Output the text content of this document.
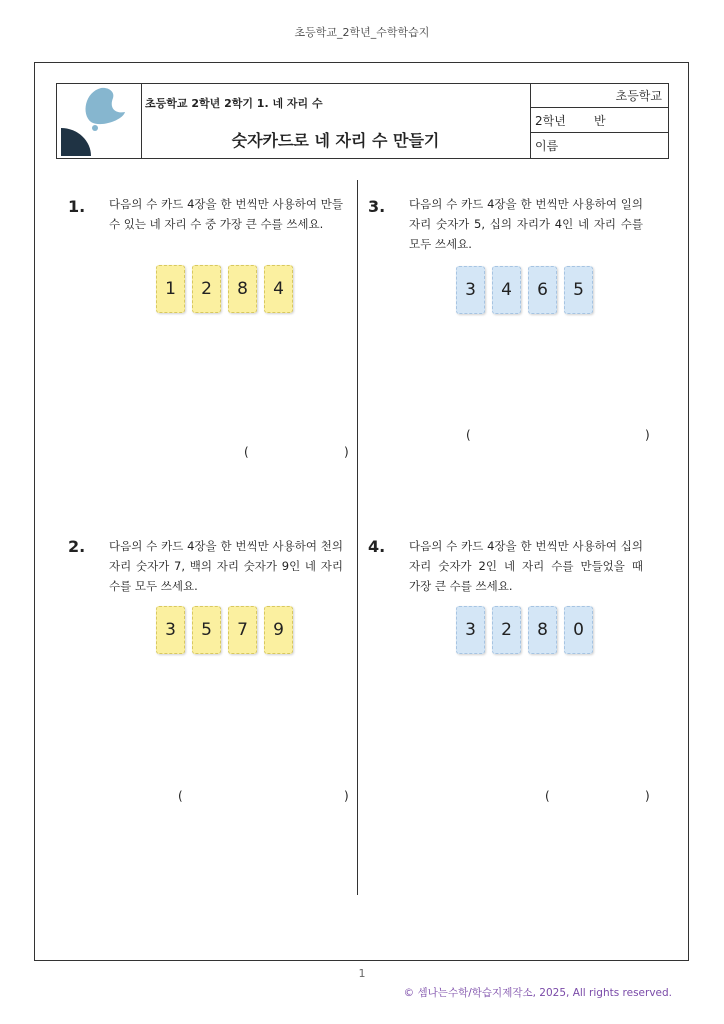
초등학교_2학년_수학학습지
초등학교 2학년 2학기 1. 네 자리 수
숫자카드로 네 자리 수 만들기
초등학교
2학년 반
이름
1. 다음의 수 카드 4장을 한 번씩만 사용하여 만들 수 있는 네 자리 수 중 가장 큰 수를 쓰세요.
1	2	8	4
(	)
2. 다음의 수 카드 4장을 한 번씩만 사용하여 천의 자리 숫자가 7, 백의 자리 숫자가 9인 네 자리 수를 모두 쓰세요.
3	5	7	9
(	)
3. 다음의 수 카드 4장을 한 번씩만 사용하여 일의 자리 숫자가 5, 십의 자리가 4인 네 자리 수를 모두 쓰세요.
3	4	6	5
(	)
4. 다음의 수 카드 4장을 한 번씩만 사용하여 십의 자리 숫자가 2인 네 자리 수를 만들었을 때 가장 큰 수를 쓰세요.
3	2	8	0
(	)
1
© 셈나는수학/학습지제작소, 2025, All rights reserved.
